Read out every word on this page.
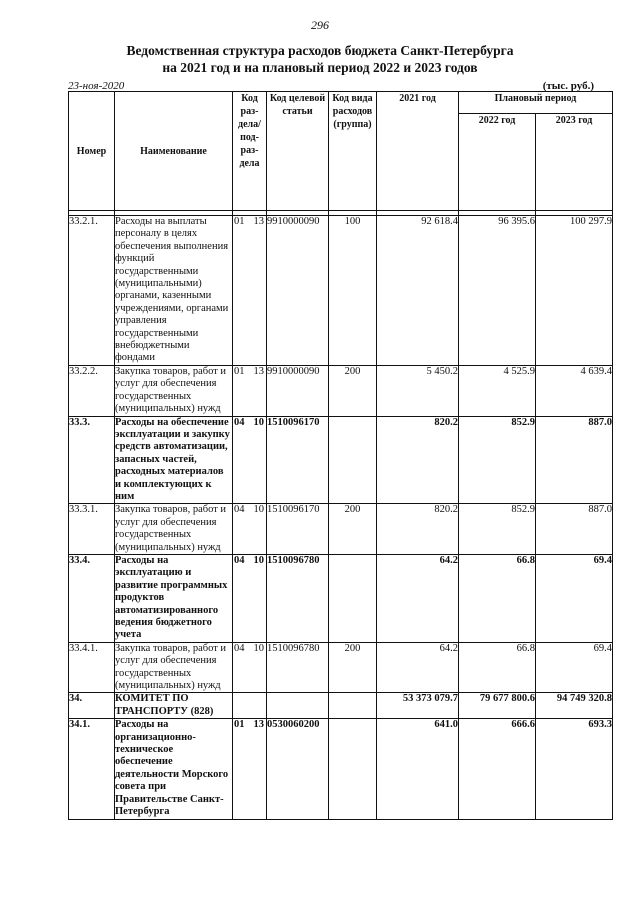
296
Ведомственная структура расходов бюджета Санкт-Петербурга
на 2021 год и на плановый период 2022 и 2023 годов
23-ноя-2020	(тыс. руб.)
Номер	Наименование	Код раз- дела/ под- раз- дела	Код целевой статьи	Код вида расходов (группа)	2021 год	Плановый период	
						2022 год	2023 год

33.2.1.	Расходы на выплаты персоналу в целях обеспечения выполнения функций государственными (муниципальными) органами, казенными учреждениями, органами управления государственными внебюджетными фондами	01 13	9910000090	100	92 618.4	96 395.6	100 297.9
33.2.2.	Закупка товаров, работ и услуг для обеспечения государственных (муниципальных) нужд	01 13	9910000090	200	5 450.2	4 525.9	4 639.4
33.3.	Расходы на обеспечение эксплуатации и закупку средств автоматизации, запасных частей, расходных материалов и комплектующих к ним	04 10	1510096170		820.2	852.9	887.0
33.3.1.	Закупка товаров, работ и услуг для обеспечения государственных (муниципальных) нужд	04 10	1510096170	200	820.2	852.9	887.0
33.4.	Расходы на эксплуатацию и развитие программных продуктов автоматизированного ведения бюджетного учета	04 10	1510096780		64.2	66.8	69.4
33.4.1.	Закупка товаров, работ и услуг для обеспечения государственных (муниципальных) нужд	04 10	1510096780	200	64.2	66.8	69.4
34.	КОМИТЕТ ПО ТРАНСПОРТУ (828)				53 373 079.7	79 677 800.6	94 749 320.8
34.1.	Расходы на организационно-техническое обеспечение деятельности Морского совета при Правительстве Санкт-Петербурга	01 13	0530060200		641.0	666.6	693.3
